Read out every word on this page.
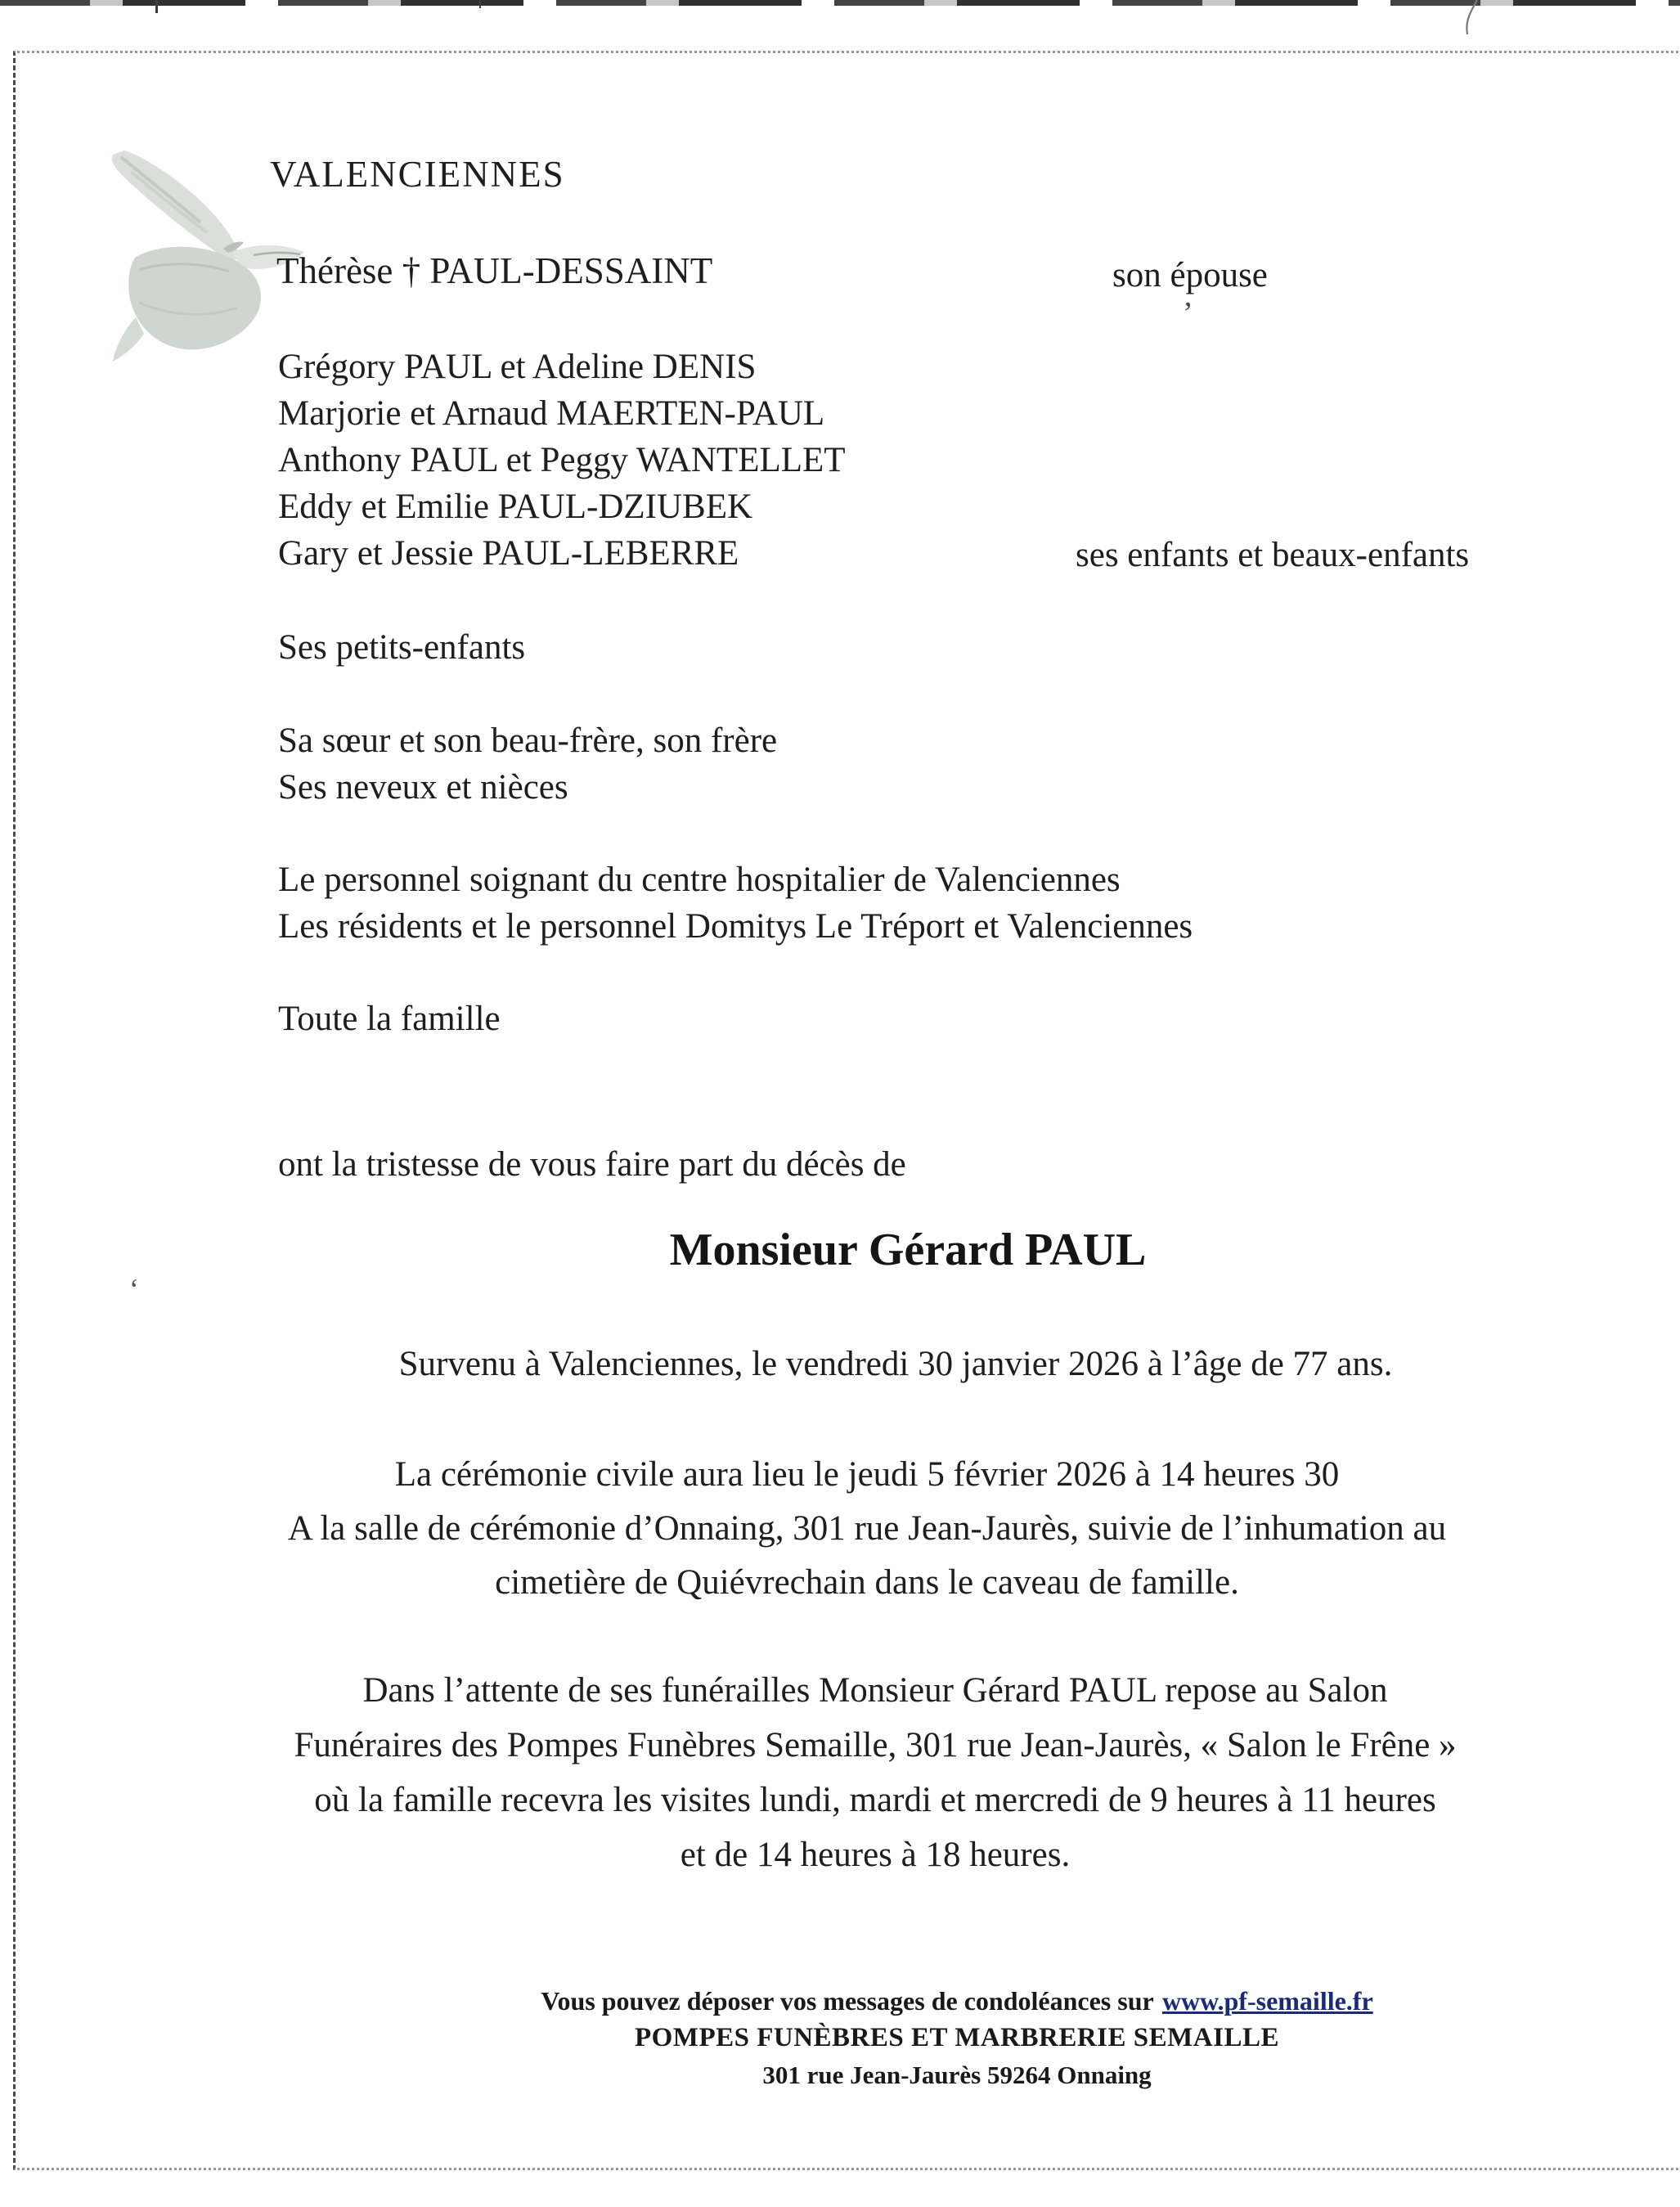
VALENCIENNES
Thérèse † PAUL-DESSAINT	son épouse
’
Grégory PAUL et Adeline DENIS
Marjorie et Arnaud MAERTEN-PAUL
Anthony PAUL et Peggy WANTELLET
Eddy et Emilie PAUL-DZIUBEK
Gary et Jessie PAUL-LEBERRE	ses enfants et beaux-enfants
Ses petits-enfants
Sa sœur et son beau-frère, son frère
Ses neveux et nièces
Le personnel soignant du centre hospitalier de Valenciennes
Les résidents et le personnel Domitys Le Tréport et Valenciennes
Toute la famille
ont la tristesse de vous faire part du décès de
Monsieur Gérard PAUL
‘
Survenu à Valenciennes, le vendredi 30 janvier 2026 à l’âge de 77 ans.
La cérémonie civile aura lieu le jeudi 5 février 2026 à 14 heures 30
A la salle de cérémonie d’Onnaing, 301 rue Jean-Jaurès, suivie de l’inhumation au
cimetière de Quiévrechain dans le caveau de famille.
Dans l’attente de ses funérailles Monsieur Gérard PAUL repose au Salon
Funéraires des Pompes Funèbres Semaille, 301 rue Jean-Jaurès, « Salon le Frêne »
où la famille recevra les visites lundi, mardi et mercredi de 9 heures à 11 heures
et de 14 heures à 18 heures.
Vous pouvez déposer vos messages de condoléances sur www.pf-semaille.fr
POMPES FUNÈBRES ET MARBRERIE SEMAILLE
301 rue Jean-Jaurès 59264 Onnaing
